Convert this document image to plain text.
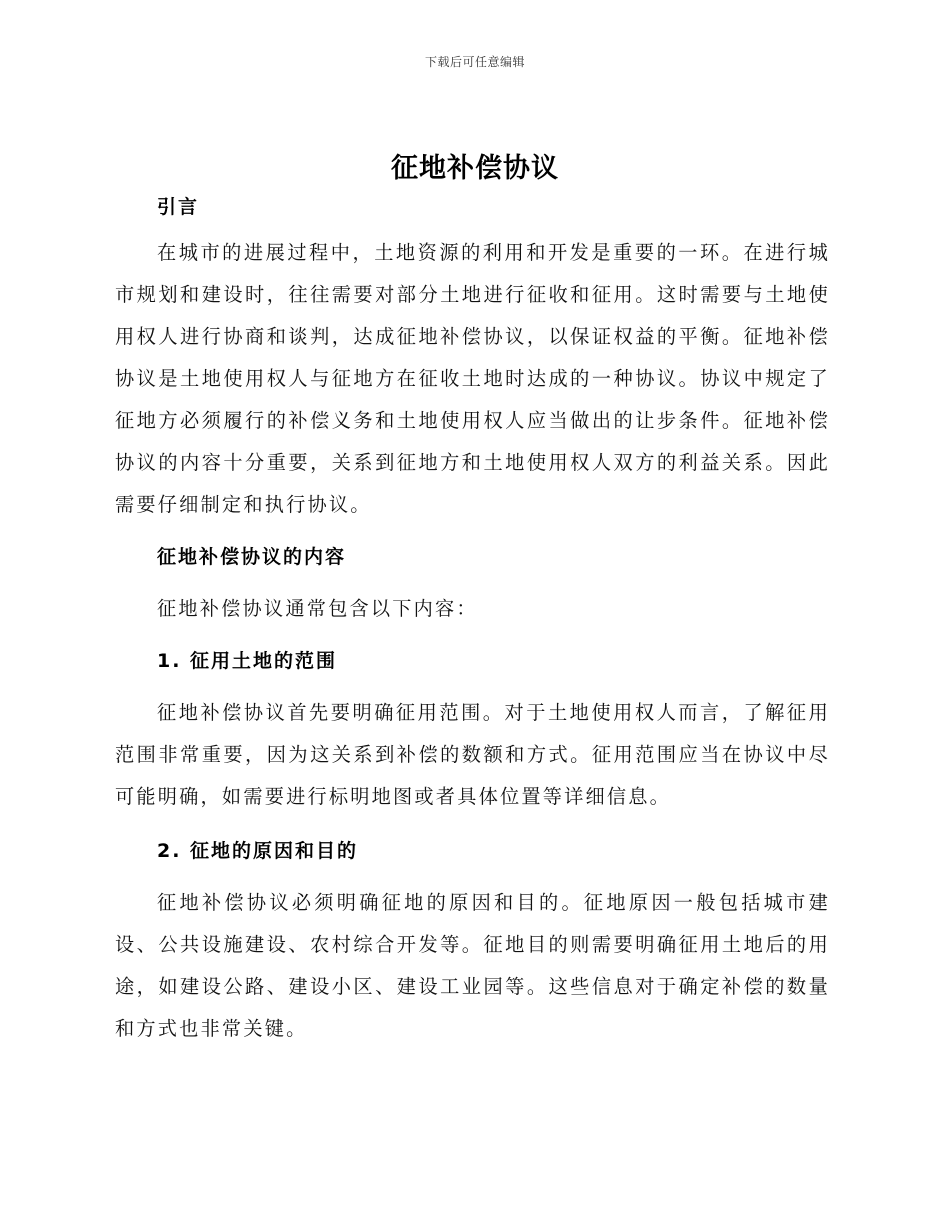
下载后可任意编辑
征地补偿协议

引言

在城市的进展过程中，土地资源的利用和开发是重要的一环。在进行城市规划和建设时，往往需要对部分土地进行征收和征用。这时需要与土地使用权人进行协商和谈判，达成征地补偿协议，以保证权益的平衡。征地补偿协议是土地使用权人与征地方在征收土地时达成的一种协议。协议中规定了征地方必须履行的补偿义务和土地使用权人应当做出的让步条件。征地补偿协议的内容十分重要，关系到征地方和土地使用权人双方的利益关系。因此需要仔细制定和执行协议。

征地补偿协议的内容

征地补偿协议通常包含以下内容：

1. 征用土地的范围

征地补偿协议首先要明确征用范围。对于土地使用权人而言，了解征用范围非常重要，因为这关系到补偿的数额和方式。征用范围应当在协议中尽可能明确，如需要进行标明地图或者具体位置等详细信息。

2. 征地的原因和目的

征地补偿协议必须明确征地的原因和目的。征地原因一般包括城市建设、公共设施建设、农村综合开发等。征地目的则需要明确征用土地后的用途，如建设公路、建设小区、建设工业园等。这些信息对于确定补偿的数量和方式也非常关键。
